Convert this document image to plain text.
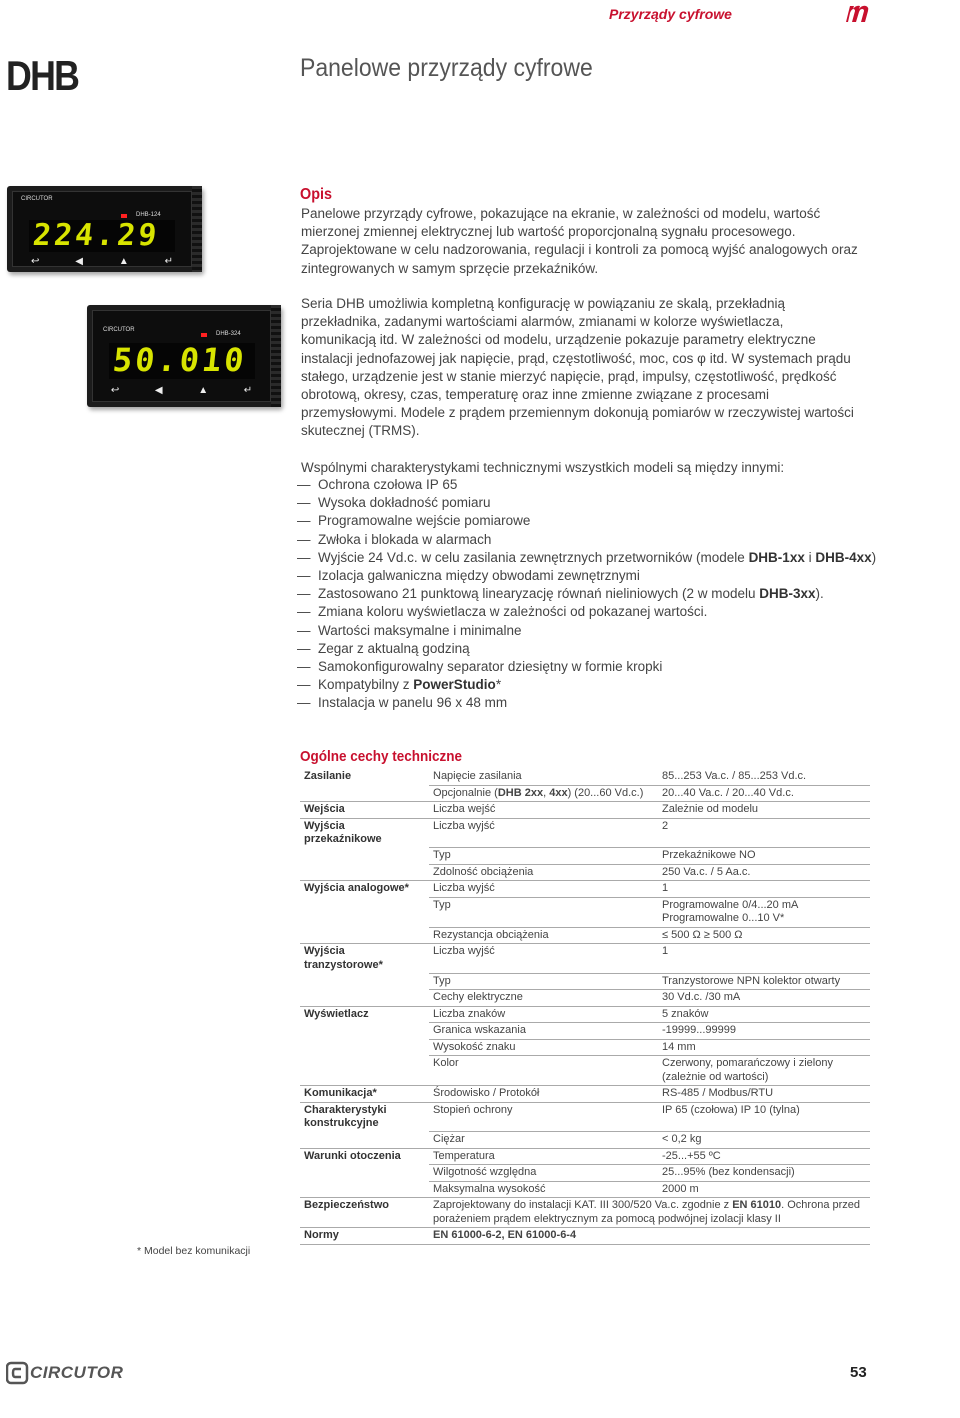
Przyrządy cyfrowe
DHB	Panelowe przyrządy cyfrowe
CIRCUTOR
DHB-124
224.29
↩	◀	▲	↵
CIRCUTOR
DHB-324
50.010
↩	◀	▲	↵
Opis
Panelowe przyrządy cyfrowe, pokazujące na ekranie, w zależności od modelu, wartość mierzonej zmiennej elektrycznej lub wartość proporcjonalną sygnału procesowego. Zaprojektowane w celu nadzorowania, regulacji i kontroli za pomocą wyjść analogowych oraz zintegrowanych w samym sprzęcie przekaźników.
Seria DHB umożliwia kompletną konfigurację w powiązaniu ze skalą, przekładnią przekładnika, zadanymi wartościami alarmów, zmianami w kolorze wyświetlacza, komunikacją itd. W zależności od modelu, urządzenie pokazuje parametry elektryczne instalacji jednofazowej jak napięcie, prąd, częstotliwość, moc, cos φ itd. W systemach prądu stałego, urządzenie jest w stanie mierzyć napięcie, prąd, impulsy, częstotliwość, prędkość obrotową, okresy, czas, temperaturę oraz inne zmienne związane z procesami przemysłowymi. Modele z prądem przemiennym dokonują pomiarów w rzeczywistej wartości skutecznej (TRMS).
Wspólnymi charakterystykami technicznymi wszystkich modeli są między innymi:
— Ochrona czołowa IP 65
— Wysoka dokładność pomiaru
— Programowalne wejście pomiarowe
— Zwłoka i blokada w alarmach
— Wyjście 24 Vd.c. w celu zasilania zewnętrznych przetworników (modele DHB-1xx i DHB-4xx)
— Izolacja galwaniczna między obwodami zewnętrznymi
— Zastosowano 21 punktową linearyzację równań nieliniowych (2 w modelu DHB-3xx).
— Zmiana koloru wyświetlacza w zależności od pokazanej wartości.
— Wartości maksymalne i minimalne
— Zegar z aktualną godziną
— Samokonfigurowalny separator dziesiętny w formie kropki
— Kompatybilny z PowerStudio*
— Instalacja w panelu 96 x 48 mm
Ogólne cechy techniczne
Zasilanie	Napięcie zasilania	85...253 Va.c. / 85...253 Vd.c.
	Opcjonalnie (DHB 2xx, 4xx) (20...60 Vd.c.)	20...40 Va.c. / 20...40 Vd.c.
Wejścia	Liczba wejść	Zależnie od modelu
Wyjścia przekaźnikowe	Liczba wyjść	2
	Typ	Przekaźnikowe NO
	Zdolność obciążenia	250 Va.c. / 5 Aa.c.
Wyjścia analogowe*	Liczba wyjść	1
	Typ	Programowalne 0/4...20 mA Programowalne 0...10 V*
	Rezystancja obciążenia	≤ 500 Ω ≥ 500 Ω
Wyjścia tranzystorowe*	Liczba wyjść	1
	Typ	Tranzystorowe NPN kolektor otwarty
	Cechy elektryczne	30 Vd.c. /30 mA
Wyświetlacz	Liczba znaków	5 znaków
	Granica wskazania	-19999...99999
	Wysokość znaku	14 mm
	Kolor	Czerwony, pomarańczowy i zielony (zależnie od wartości)
Komunikacja*	Środowisko / Protokół	RS-485 / Modbus/RTU
Charakterystyki konstrukcyjne	Stopień ochrony	IP 65 (czołowa) IP 10 (tylna)
	Ciężar	< 0,2 kg
Warunki otoczenia	Temperatura	-25...+55 ºC
	Wilgotność względna	25...95% (bez kondensacji)
	Maksymalna wysokość	2000 m
Bezpieczeństwo	Zaprojektowany do instalacji KAT. III 300/520 Va.c. zgodnie z EN 61010. Ochrona przed porażeniem prądem elektrycznym za pomocą podwójnej izolacji klasy II	
Normy	EN 61000-6-2, EN 61000-6-4	
* Model bez komunikacji
CIRCUTOR	53
